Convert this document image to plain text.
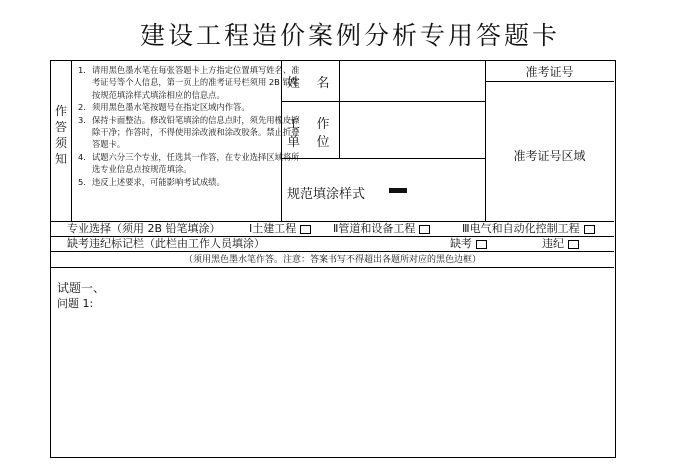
建设工程造价案例分析专用答题卡
作答须知
1. 请用黑色墨水笔在每张答题卡上方指定位置填写姓名、准考证号等个人信息，第一页上的准考证号栏须用 2B 铅笔按规范填涂样式填涂相应的信息点。
2. 须用黑色墨水笔按题号在指定区域内作答。
3. 保持卡面整洁。修改铅笔填涂的信息点时，须先用橡皮擦除干净；作答时，不得使用涂改液和涂改胶条。禁止折叠答题卡。
4. 试题六分三个专业，任选其一作答，在专业选择区域将所选专业信息点按规范填涂。
5. 违反上述要求，可能影响考试成绩。
姓    名
工    作
单    位
规范填涂样式
准考证号
准考证号区域
专业选择（须用 2B 铅笔填涂）	Ⅰ土建工程	Ⅱ管道和设备工程	Ⅲ电气和自动化控制工程
缺考违纪标记栏（此栏由工作人员填涂）	缺考	违纪
（须用黑色墨水笔作答。注意：答案书写不得超出各题所对应的黑色边框）
试题一、
问题 1:
